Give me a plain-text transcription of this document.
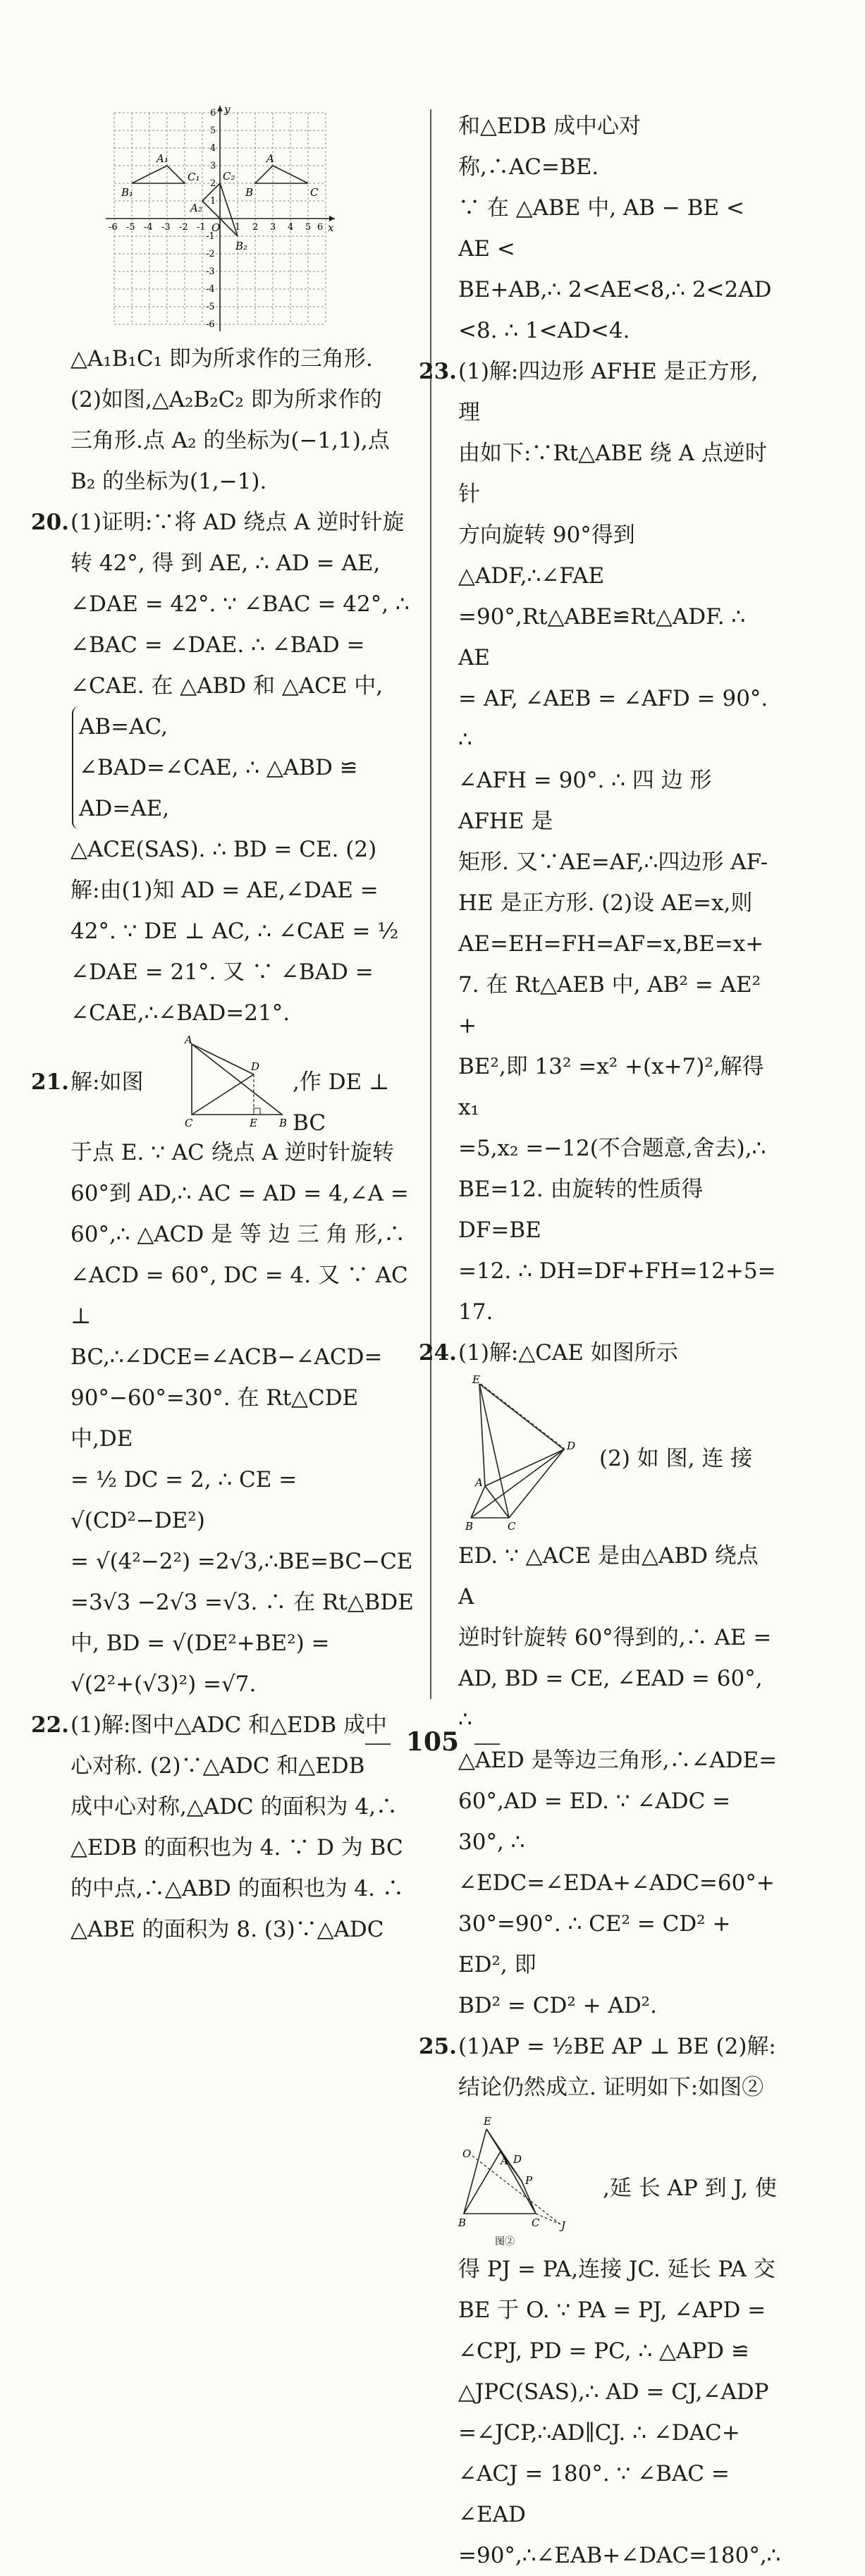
y
x
O
A
C
B
A₁
B₁
C₁
A₂
B₂
C₂
-6 -5 -4 -3 -2 -1	1 2 3 4 5 6
6
5
4
3
2
1
-1
-2
-3
-4
-5
-6

△A₁B₁C₁ 即为所求作的三角形.

(2)如图,△A₂B₂C₂ 即为所求作的

三角形.点 A₂ 的坐标为(−1,1),点

B₂ 的坐标为(1,−1).

20.(1)证明:∵将 AD 绕点 A 逆时针旋

转 42°, 得 到 AE, ∴ AD = AE,

∠DAE = 42°. ∵ ∠BAC = 42°, ∴

∠BAC = ∠DAE. ∴ ∠BAD =

∠CAE. 在 △ABD 和 △ACE 中,

AB=AC,

∠BAD=∠CAE, ∴ △ABD ≌

AD=AE,

△ACE(SAS). ∴ BD = CE. (2)

解:由(1)知 AD = AE,∠DAE =

42°. ∵ DE ⊥ AC, ∴ ∠CAE = ½

∠DAE = 21°. 又 ∵ ∠BAD =

∠CAE,∴∠BAD=21°.

21. 解:如图
A
D
C	E B
,作 DE ⊥ BC

于点 E. ∵ AC 绕点 A 逆时针旋转

60°到 AD,∴ AC = AD = 4,∠A =

60°,∴ △ACD 是 等 边 三 角 形,∴

∠ACD = 60°, DC = 4. 又 ∵ AC ⊥

BC,∴∠DCE=∠ACB−∠ACD=

90°−60°=30°. 在 Rt△CDE 中,DE

= ½ DC = 2, ∴ CE = √(CD²−DE²)

= √(4²−2²) =2√3,∴BE=BC−CE

=3√3 −2√3 =√3. ∴ 在 Rt△BDE

中, BD = √(DE²+BE²) =

√(2²+(√3)²) =√7.

22.(1)解:图中△ADC 和△EDB 成中

心对称. (2)∵△ADC 和△EDB

成中心对称,△ADC 的面积为 4,∴

△EDB 的面积也为 4. ∵ D 为 BC

的中点,∴△ABD 的面积也为 4. ∴

△ABE 的面积为 8. (3)∵△ADC

和△EDB 成中心对称,∴AC=BE.

∵ 在 △ABE 中, AB − BE < AE <

BE+AB,∴ 2<AE<8,∴ 2<2AD

<8. ∴ 1<AD<4.

23.(1)解:四边形 AFHE 是正方形,理

由如下:∵Rt△ABE 绕 A 点逆时针

方向旋转 90°得到△ADF,∴∠FAE

=90°,Rt△ABE≌Rt△ADF. ∴ AE

= AF, ∠AEB = ∠AFD = 90°. ∴

∠AFH = 90°. ∴ 四 边 形 AFHE 是

矩形. 又∵AE=AF,∴四边形 AF-

HE 是正方形. (2)设 AE=x,则

AE=EH=FH=AF=x,BE=x+

7. 在 Rt△AEB 中, AB² = AE² +

BE²,即 13² =x² +(x+7)²,解得 x₁

=5,x₂ =−12(不合题意,舍去),∴

BE=12. 由旋转的性质得 DF=BE

=12. ∴ DH=DF+FH=12+5=

17.

24.(1)解:△CAE 如图所示

E
D
A
B	C
(2) 如 图, 连 接

ED. ∵ △ACE 是由△ABD 绕点 A

逆时针旋转 60°得到的,∴ AE =

AD, BD = CE, ∠EAD = 60°, ∴

△AED 是等边三角形,∴∠ADE=

60°,AD = ED. ∵ ∠ADC = 30°, ∴

∠EDC=∠EDA+∠ADC=60°+

30°=90°. ∴ CE² = CD² + ED², 即

BD² = CD² + AD².

25.(1)AP = ½BE AP ⊥ BE (2)解:

结论仍然成立. 证明如下:如图②

E
O
A D
P
B	C J
图②
,延 长 AP 到 J, 使

得 PJ = PA,连接 JC. 延长 PA 交

BE 于 O. ∵ PA = PJ, ∠APD =

∠CPJ, PD = PC, ∴ △APD ≌

△JPC(SAS),∴ AD = CJ,∠ADP

=∠JCP,∴AD∥CJ. ∴ ∠DAC+

∠ACJ = 180°. ∵ ∠BAC = ∠EAD

=90°,∴∠EAB+∠DAC=180°,∴

105
